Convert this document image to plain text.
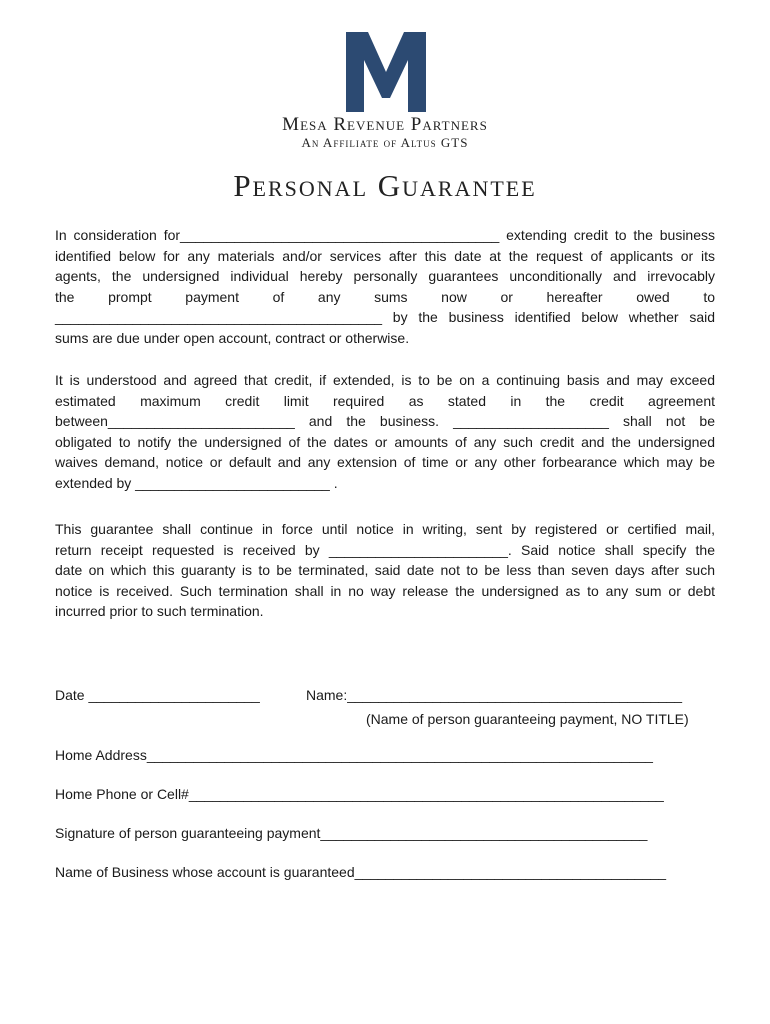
Mesa Revenue Partners
An Affiliate of Altus GTS
Personal Guarantee
In consideration for_________________________________________ extending credit to the business
identified below for any materials and/or services after this date at the request of applicants or its
agents, the undersigned individual hereby personally guarantees unconditionally and irrevocably
the prompt payment of any sums now or hereafter owed to
__________________________________________ by the business identified below whether said
sums are due under open account, contract or otherwise.
It is understood and agreed that credit, if extended, is to be on a continuing basis and may exceed
estimated maximum credit limit required as stated in the credit agreement
between________________________ and the business. ____________________ shall not be
obligated to notify the undersigned of the dates or amounts of any such credit and the undersigned
waives demand, notice or default and any extension of time or any other forbearance which may be
extended by _________________________ .
This guarantee shall continue in force until notice in writing, sent by registered or certified mail,
return receipt requested is received by _______________________. Said notice shall specify the
date on which this guaranty is to be terminated, said date not to be less than seven days after such
notice is received. Such termination shall in no way release the undersigned as to any sum or debt
incurred prior to such termination.
Date ______________________	Name:___________________________________________
(Name of person guaranteeing payment, NO TITLE)
Home Address_________________________________________________________________
Home Phone or Cell#_____________________________________________________________
Signature of person guaranteeing payment__________________________________________
Name of Business whose account is guaranteed________________________________________
